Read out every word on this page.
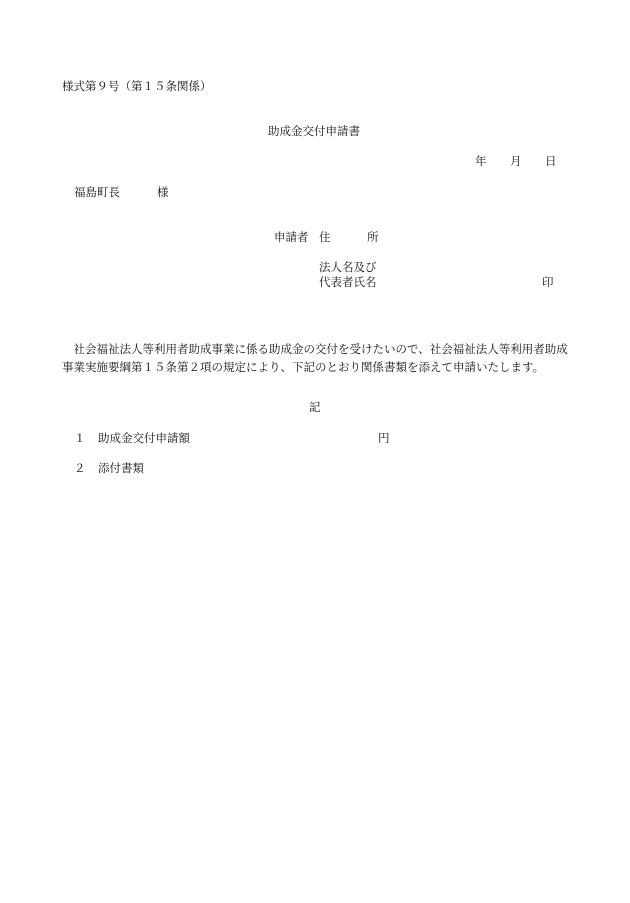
様式第９号（第１５条関係）
助成金交付申請書
年 月 日
福島町長	様
申請者 住	所
法人名及び
代表者氏名	印
社会福祉法人等利用者助成事業に係る助成金の交付を受けたいので、社会福祉法人等利用者助成事業実施要綱第１５条第２項の規定により、下記のとおり関係書類を添えて申請いたします。
記
１ 助成金交付申請額	円
２ 添付書類
